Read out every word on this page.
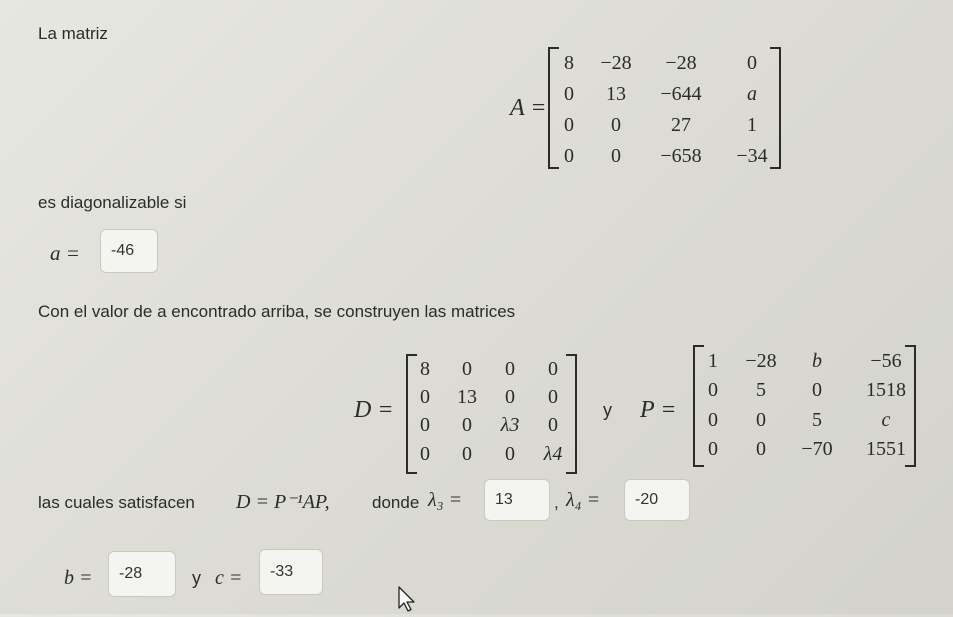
La matriz
A =
8	−28	−28	0
0	13	−644	a
0	0	27	1
0	0	−658	−34
es diagonalizable si
a = -46
Con el valor de a encontrado arriba, se construyen las matrices
D =
8	0	0	0
0	13	0	0
0	0	λ3	0
0	0	0	λ4
y P =
1	−28	b	−56
0	5	0	1518
0	0	5	c
0	0	−70	1551
las cuales satisfacen D = P⁻¹AP, donde λ₃ = 13 , λ₄ = -20
b = -28	y c = -33
